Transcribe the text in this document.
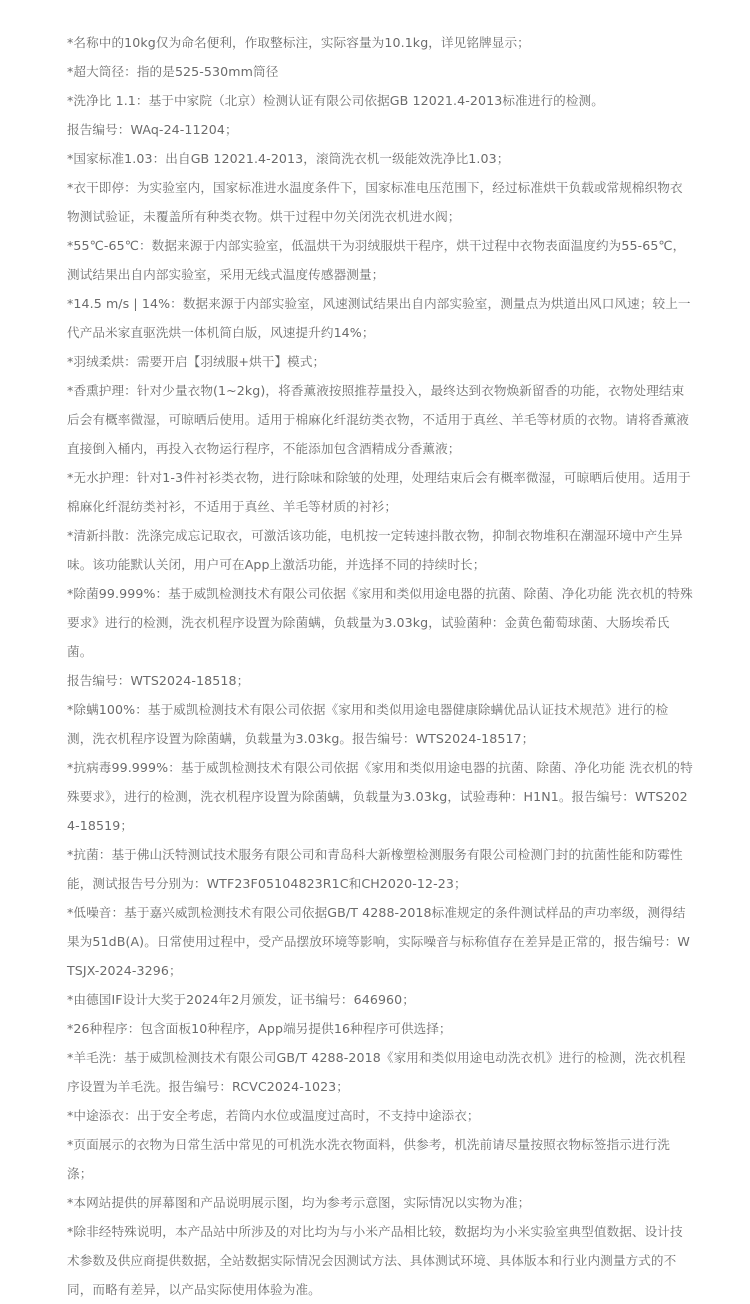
*名称中的10kg仅为命名便利，作取整标注，实际容量为10.1kg，详见铭牌显示；

*超大筒径：指的是525-530mm筒径

*洗净比 1.1：基于中家院（北京）检测认证有限公司依据GB 12021.4-2013标准进行的检测。

报告编号：WAq-24-11204；

*国家标准1.03：出自GB 12021.4-2013，滚筒洗衣机一级能效洗净比1.03；

*衣干即停：为实验室内，国家标准进水温度条件下，国家标准电压范围下，经过标准烘干负载或常规棉织物衣物测试验证，未覆盖所有种类衣物。烘干过程中勿关闭洗衣机进水阀；

*55℃-65℃：数据来源于内部实验室，低温烘干为羽绒服烘干程序，烘干过程中衣物表面温度约为55-65℃，测试结果出自内部实验室，采用无线式温度传感器测量；

*14.5 m/s | 14%：数据来源于内部实验室，风速测试结果出自内部实验室，测量点为烘道出风口风速；较上一代产品米家直驱洗烘一体机简白版，风速提升约14%；

*羽绒柔烘：需要开启【羽绒服+烘干】模式；

*香熏护理：针对少量衣物(1~2kg)，将香薰液按照推荐量投入，最终达到衣物焕新留香的功能，衣物处理结束后会有概率微湿，可晾晒后使用。适用于棉麻化纤混纺类衣物，不适用于真丝、羊毛等材质的衣物。请将香薰液直接倒入桶内，再投入衣物运行程序，不能添加包含酒精成分香薰液；

*无水护理：针对1-3件衬衫类衣物，进行除味和除皱的处理，处理结束后会有概率微湿，可晾晒后使用。适用于棉麻化纤混纺类衬衫，不适用于真丝、羊毛等材质的衬衫；

*清新抖散：洗涤完成忘记取衣，可激活该功能，电机按一定转速抖散衣物，抑制衣物堆积在潮湿环境中产生异味。该功能默认关闭，用户可在App上激活功能，并选择不同的持续时长；

*除菌99.999%：基于威凯检测技术有限公司依据《家用和类似用途电器的抗菌、除菌、净化功能 洗衣机的特殊要求》进行的检测，洗衣机程序设置为除菌螨，负载量为3.03kg，试验菌种：金黄色葡萄球菌、大肠埃希氏菌。

报告编号：WTS2024-18518；

*除螨100%：基于威凯检测技术有限公司依据《家用和类似用途电器健康除螨优品认证技术规范》进行的检测，洗衣机程序设置为除菌螨，负载量为3.03kg。报告编号：WTS2024-18517；

*抗病毒99.999%：基于威凯检测技术有限公司依据《家用和类似用途电器的抗菌、除菌、净化功能 洗衣机的特殊要求》，进行的检测，洗衣机程序设置为除菌螨，负载量为3.03kg，试验毒种：H1N1。报告编号：WTS2024-18519；

*抗菌：基于佛山沃特测试技术服务有限公司和青岛科大新橡塑检测服务有限公司检测门封的抗菌性能和防霉性能，测试报告号分别为：WTF23F05104823R1C和CH2020-12-23；

*低噪音：基于嘉兴威凯检测技术有限公司依据GB/T 4288-2018标准规定的条件测试样品的声功率级，测得结果为51dB(A)。日常使用过程中，受产品摆放环境等影响，实际噪音与标称值存在差异是正常的，报告编号：WTSJX-2024-3296；

*由德国IF设计大奖于2024年2月颁发，证书编号：646960；

*26种程序：包含面板10种程序，App端另提供16种程序可供选择；

*羊毛洗：基于威凯检测技术有限公司GB/T 4288-2018《家用和类似用途电动洗衣机》进行的检测，洗衣机程序设置为羊毛洗。报告编号：RCVC2024-1023；

*中途添衣：出于安全考虑，若筒内水位或温度过高时，不支持中途添衣；

*页面展示的衣物为日常生活中常见的可机洗水洗衣物面料，供参考，机洗前请尽量按照衣物标签指示进行洗涤；

*本网站提供的屏幕图和产品说明展示图，均为参考示意图，实际情况以实物为准；

*除非经特殊说明，本产品站中所涉及的对比均为与小米产品相比较，数据均为小米实验室典型值数据、设计技术参数及供应商提供数据，全站数据实际情况会因测试方法、具体测试环境、具体版本和行业内测量方式的不同，而略有差异，以产品实际使用体验为准。
